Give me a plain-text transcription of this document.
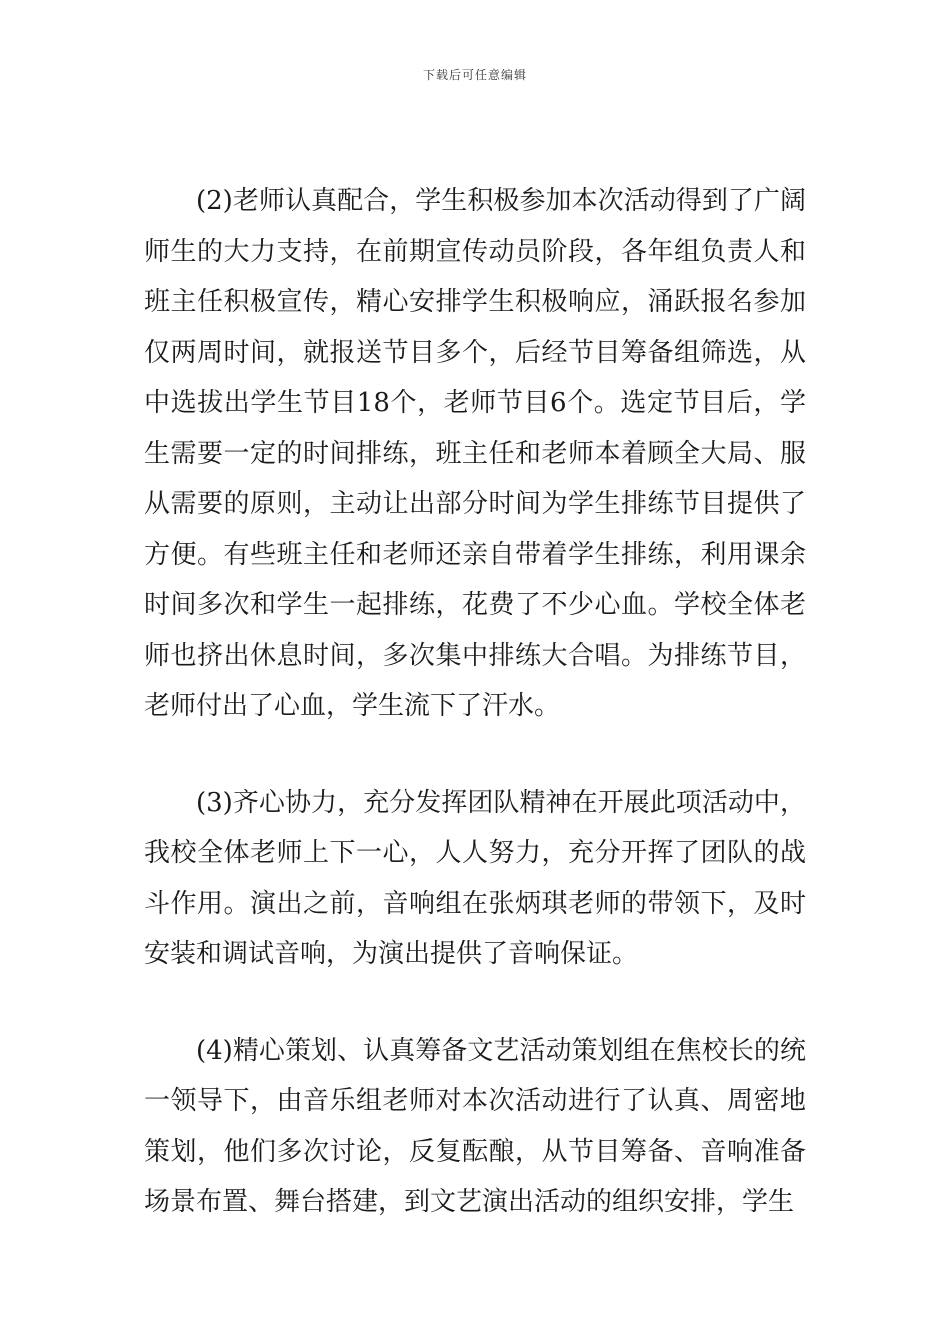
下载后可任意编辑

(2)老师认真配合，学生积极参加本次活动得到了广阔师生的大力支持，在前期宣传动员阶段，各年组负责人和班主任积极宣传，精心安排学生积极响应，涌跃报名参加仅两周时间，就报送节目多个，后经节目筹备组筛选，从中选拔出学生节目18个，老师节目6个。选定节目后，学生需要一定的时间排练，班主任和老师本着顾全大局、服从需要的原则，主动让出部分时间为学生排练节目提供了方便。有些班主任和老师还亲自带着学生排练，利用课余时间多次和学生一起排练，花费了不少心血。学校全体老师也挤出休息时间，多次集中排练大合唱。为排练节目，老师付出了心血，学生流下了汗水。

(3)齐心协力，充分发挥团队精神在开展此项活动中，我校全体老师上下一心，人人努力，充分开挥了团队的战斗作用。演出之前，音响组在张炳琪老师的带领下，及时安装和调试音响，为演出提供了音响保证。

(4)精心策划、认真筹备文艺活动策划组在焦校长的统一领导下，由音乐组老师对本次活动进行了认真、周密地策划，他们多次讨论，反复酝酿，从节目筹备、音响准备场景布置、舞台搭建，到文艺演出活动的组织安排，学生
